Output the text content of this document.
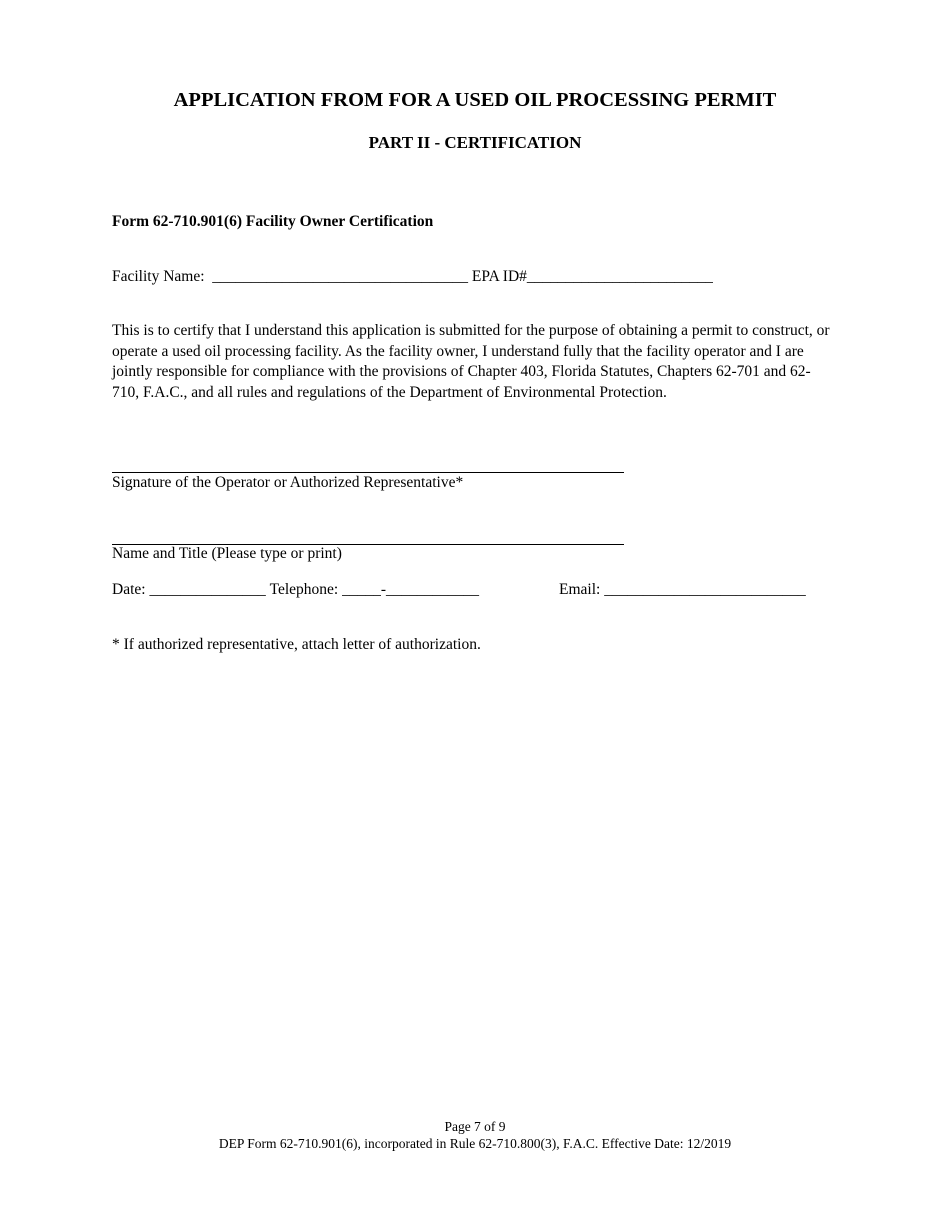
APPLICATION FROM FOR A USED OIL PROCESSING PERMIT
PART II - CERTIFICATION
Form 62-710.901(6) Facility Owner Certification
Facility Name: _________________________________ EPA ID#________________________
This is to certify that I understand this application is submitted for the purpose of obtaining a permit to construct, or operate a used oil processing facility. As the facility owner, I understand fully that the facility operator and I are jointly responsible for compliance with the provisions of Chapter 403, Florida Statutes, Chapters 62-701 and 62-710, F.A.C., and all rules and regulations of the Department of Environmental Protection.
Signature of the Operator or Authorized Representative*
Name and Title (Please type or print)
Date: _______________ Telephone: _____-____________	Email: __________________________
* If authorized representative, attach letter of authorization.
Page 7 of 9
DEP Form 62-710.901(6), incorporated in Rule 62-710.800(3), F.A.C. Effective Date: 12/2019
